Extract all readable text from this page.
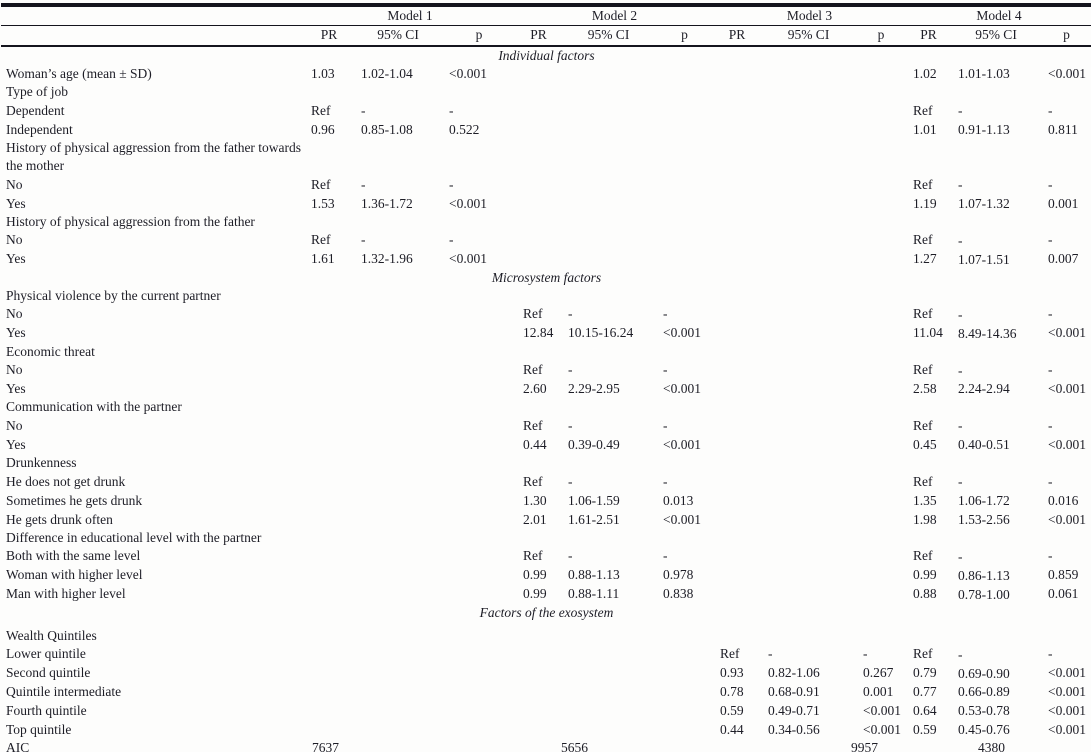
	Model 1			Model 2			Model 3			Model 4		
	PR	95% CI	p	PR	95% CI	p	PR	95% CI	p	PR	95% CI	p
Individual factors												
Woman’s age (mean ± SD)	1.03	1.02-1.04	<0.001							1.02	1.01-1.03	<0.001
Type of job												
Dependent	Ref	-	-							Ref	-	-
Independent	0.96	0.85-1.08	0.522							1.01	0.91-1.13	0.811
History of physical aggression from the father towards the mother												
No	Ref	-	-							Ref	-	-
Yes	1.53	1.36-1.72	<0.001							1.19	1.07-1.32	0.001
History of physical aggression from the father												
No	Ref	-	-							Ref	-	-
Yes	1.61	1.32-1.96	<0.001							1.27	1.07-1.51	0.007
Microsystem factors												
Physical violence by the current partner												
No				Ref	-	-				Ref	-	-
Yes				12.84	10.15-16.24	<0.001				11.04	8.49-14.36	<0.001
Economic threat												
No				Ref	-	-				Ref	-	-
Yes				2.60	2.29-2.95	<0.001				2.58	2.24-2.94	<0.001
Communication with the partner												
No				Ref	-	-				Ref	-	-
Yes				0.44	0.39-0.49	<0.001				0.45	0.40-0.51	<0.001
Drunkenness												
He does not get drunk				Ref	-	-				Ref	-	-
Sometimes he gets drunk				1.30	1.06-1.59	0.013				1.35	1.06-1.72	0.016
He gets drunk often				2.01	1.61-2.51	<0.001				1.98	1.53-2.56	<0.001
Difference in educational level with the partner												
Both with the same level				Ref	-	-				Ref	-	-
Woman with higher level				0.99	0.88-1.13	0.978				0.99	0.86-1.13	0.859
Man with higher level				0.99	0.88-1.11	0.838				0.88	0.78-1.00	0.061
Factors of the exosystem												
Wealth Quintiles												
Lower quintile							Ref	-	-	Ref	-	-
Second quintile							0.93	0.82-1.06	0.267	0.79	0.69-0.90	<0.001
Quintile intermediate							0.78	0.68-0.91	0.001	0.77	0.66-0.89	<0.001
Fourth quintile							0.59	0.49-0.71	<0.001	0.64	0.53-0.78	<0.001
Top quintile							0.44	0.34-0.56	<0.001	0.59	0.45-0.76	<0.001
AIC	7637			5656			9957			4380		
